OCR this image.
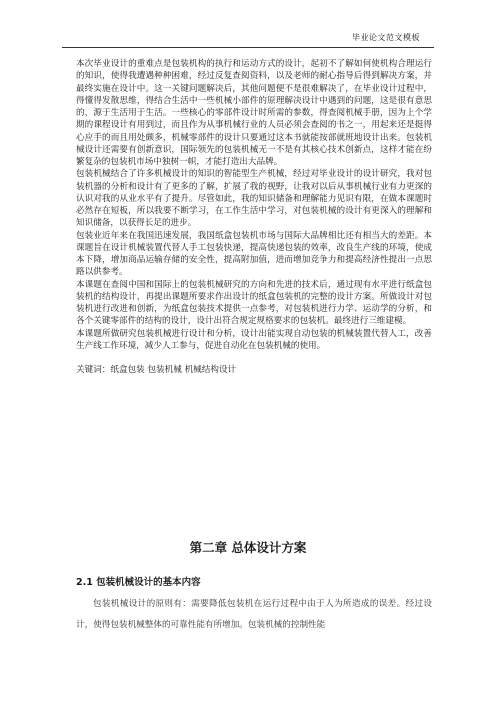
毕业论文范文模板

本次毕业设计的重难点是包装机构的执行和运动方式的设计，起初不了解如何使机构合理运行的知识，使得我遭遇种种困难，经过反复查阅资料，以及老师的耐心指导后得到解决方案，并最终实施在设计中。这一关键问题解决后，其他问题便不是很难解决了，在毕业设计过程中，得懂得发散思维，得结合生活中一些机械小部件的原理解决设计中遇到的问题，这是很有意思的，源于生活用于生活。一些核心的零部件设计时所需的参数，得查阅机械手册，因为上个学期的课程设计有用到过，而且作为从事机械行业的人员必须会查阅的书之一，用起来还是挺得心应手的而且用处颇多，机械零部件的设计只要通过这本书就能按部就班地设计出来。包装机械设计还需要有创新意识，国际领先的包装机械无一不是有其核心技术创新点，这样才能在纷繁复杂的包装机市场中独树一帜，才能打造出大品牌。

包装机械结合了许多机械设计的知识的智能型生产机械，经过对毕业设计的设计研究，我对包装机器的分析和设计有了更多的了解，扩展了我的视野，让我对以后从事机械行业有力更深的认识对我的从业水平有了提升。尽管如此，我的知识储备和理解能力见识有限，在做本课题时必然存在短板，所以我要不断学习，在工作生活中学习，对包装机械的设计有更深入的理解和知识储备，以获得长足的进步。

包装业近年来在我国迅速发展，我国纸盒包装机市场与国际大品牌相比还有相当大的差距。本课题旨在设计机械装置代替人手工包装快递，提高快递包装的效率，改良生产线的环境，使成本下降，增加商品运输存储的安全性，提高附加值，进而增加竞争力和提高经济性提出一点思路以供参考。

本课题在查阅中国和国际上的包装机械研究的方向和先进的技术后，通过现有水平进行纸盒包装机的结构设计，再提出课题所要求作出设计的纸盒包装机的完整的设计方案。所做设计对包装机进行改进和创新，为纸盒包装技术提供一点参考，对包装机进行力学、运动学的分析，和各个关键零部件的结构的设计，设计出符合规定规格要求的包装机。最终进行三维建模。

本课题所做研究包装机械进行设计和分析，设计出能实现自动包装的机械装置代替人工，改善生产线工作环境，减少人工参与，促进自动化在包装机械的使用。

关键词：纸盒包装 包装机械 机械结构设计
第二章 总体设计方案
2.1 包装机械设计的基本内容
包装机械设计的原则有：需要降低包装机在运行过程中由于人为所造成的误差。经过设计，使得包装机械整体的可靠性能有所增加。包装机械的控制性能
